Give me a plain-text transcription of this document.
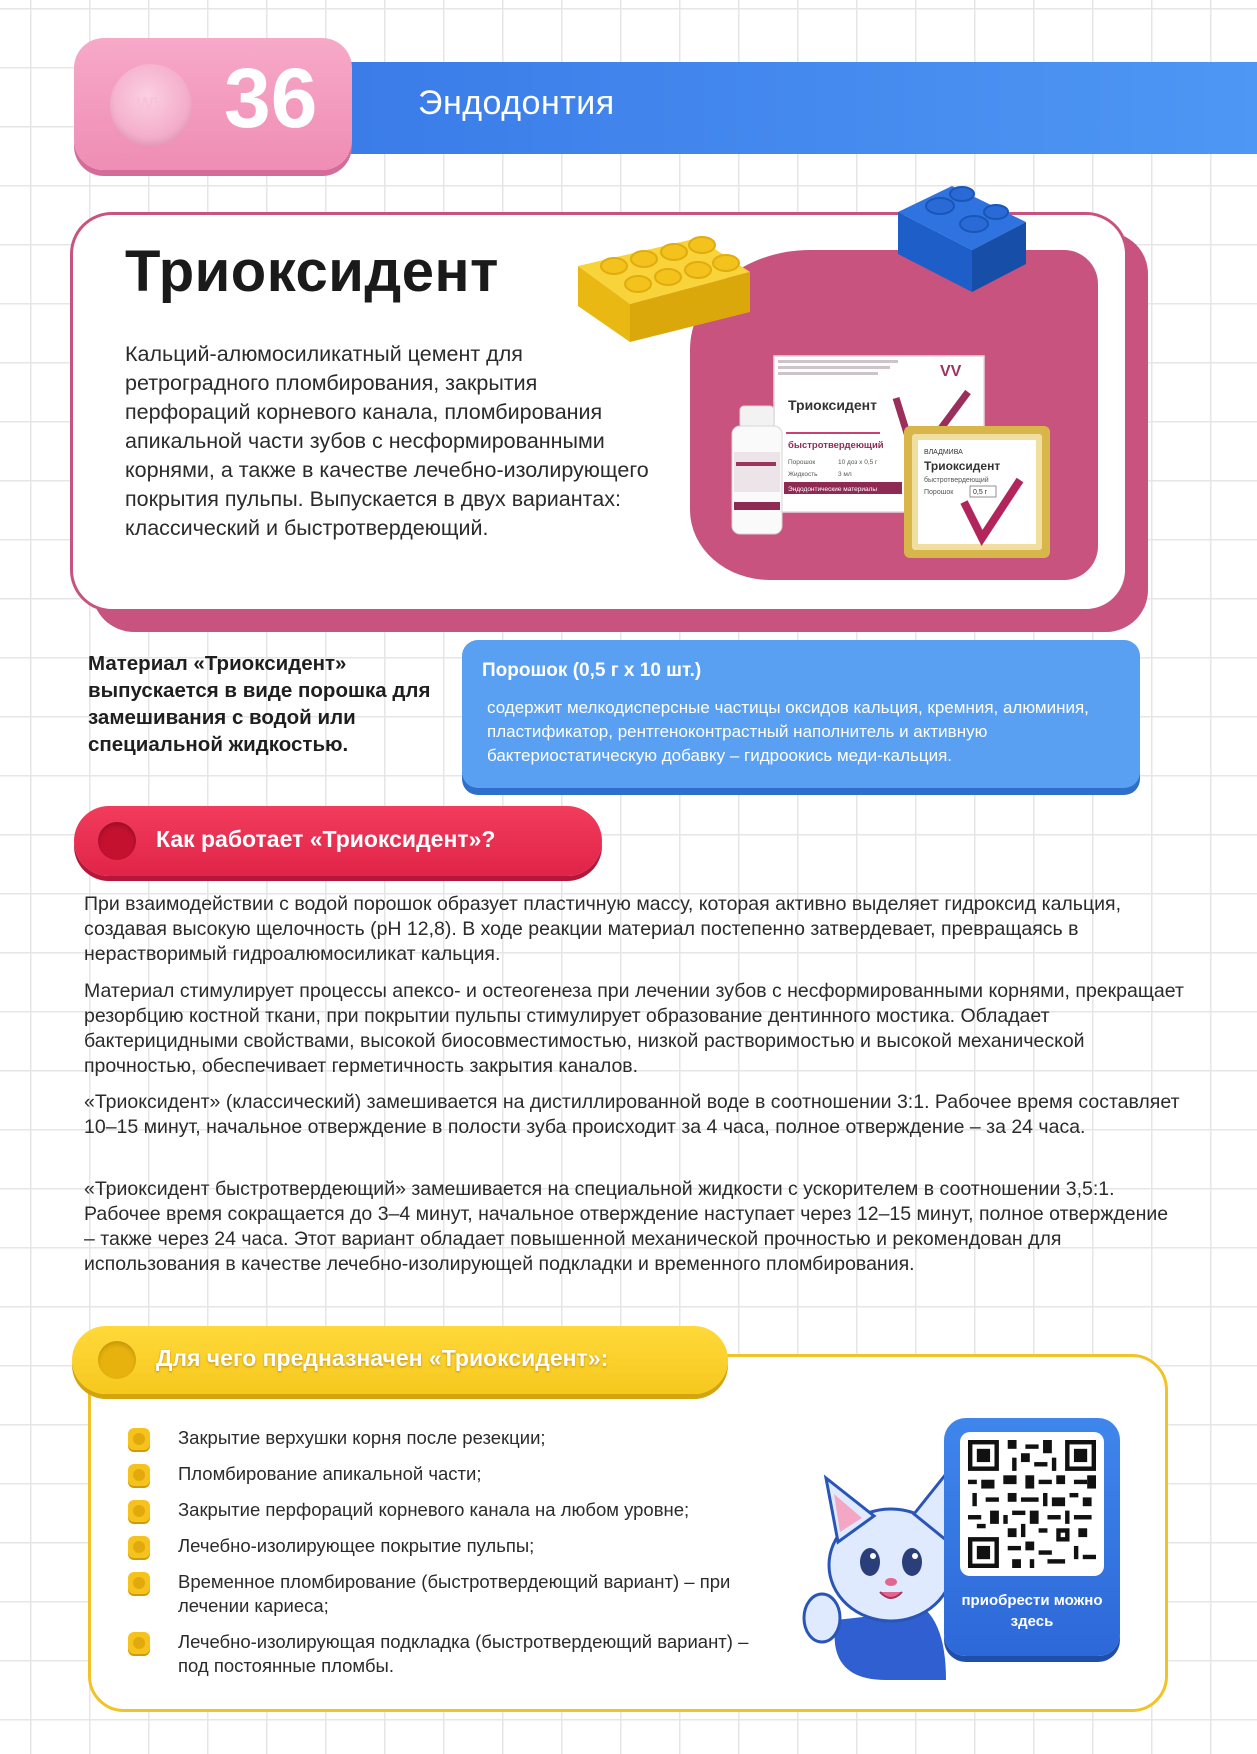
Эндодонтия
WV 36
Триоксидент
Кальций-алюмосиликатный цемент для ретроградного пломбирования, закрытия перфораций корневого канала, пломбирования апикальной части зубов с несформированными корнями, а также в качестве лечебно-изолирующего покрытия пульпы. Выпускается в двух вариантах: классический и быстротвердеющий.
VV
Триоксидент
быстротвердеющий
Порошок	10 доз х 0,5 г
Жидкость	3 мл
Эндодонтические материалы
ВЛАДМИВА
Триоксидент
быстротвердеющий
Порошок	0,5 г
Материал «Триоксидент» выпускается в виде порошка для замешивания с водой или специальной жидкостью.
Порошок (0,5 г х 10 шт.)
содержит мелкодисперсные частицы оксидов кальция, кремния, алюминия, пластификатор, рентгеноконтрастный наполнитель и активную бактериостатическую добавку – гидроокись меди-кальция.
Как работает «Триоксидент»?
При взаимодействии с водой порошок образует пластичную массу, которая активно выделяет гидроксид кальция, создавая высокую щелочность (pH 12,8). В ходе реакции материал постепенно затвердевает, превращаясь в нерастворимый гидроалюмосиликат кальция.
Материал стимулирует процессы апексо- и остеогенеза при лечении зубов с несформированными корнями, прекращает резорбцию костной ткани, при покрытии пульпы стимулирует образование дентинного мостика. Обладает бактерицидными свойствами, высокой биосовместимостью, низкой растворимостью и высокой механической прочностью, обеспечивает герметичность закрытия каналов.
«Триоксидент» (классический) замешивается на дистиллированной воде в соотношении 3:1. Рабочее время составляет 10–15 минут, начальное отверждение в полости зуба происходит за 4 часа, полное отверждение – за 24 часа.
«Триоксидент быстротвердеющий» замешивается на специальной жидкости с ускорителем в соотношении 3,5:1. Рабочее время сокращается до 3–4 минут, начальное отверждение наступает через 12–15 минут, полное отверждение – также через 24 часа. Этот вариант обладает повышенной механической прочностью и рекомендован для использования в качестве лечебно-изолирующей подкладки и временного пломбирования.
Для чего предназначен «Триоксидент»:
Закрытие верхушки корня после резекции;
Пломбирование апикальной части;
Закрытие перфораций корневого канала на любом уровне;
Лечебно-изолирующее покрытие пульпы;
Временное пломбирование (быстротвердеющий вариант) – при лечении кариеса;
Лечебно-изолирующая подкладка (быстротвердеющий вариант) – под постоянные пломбы.
приобрести можно здесь
